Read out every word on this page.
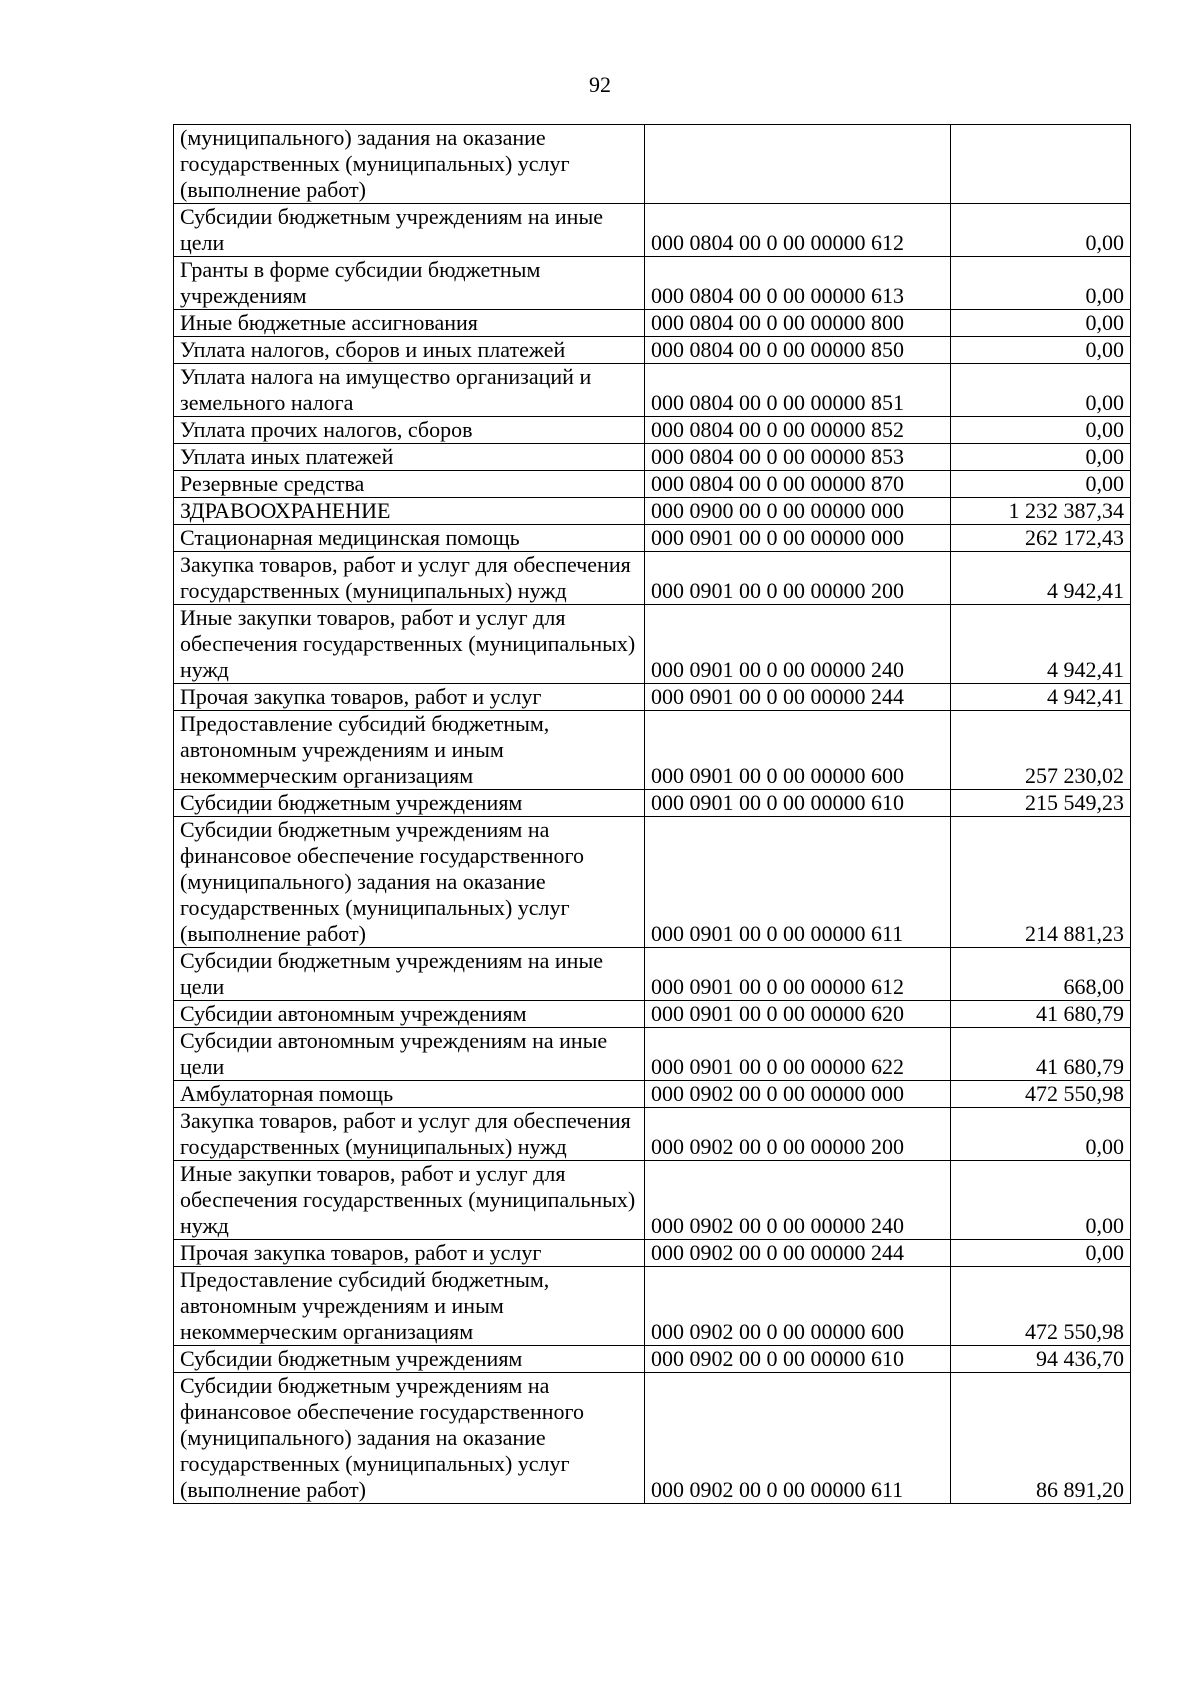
92
(муниципального) задания на оказание государственных (муниципальных) услуг (выполнение работ)		
Субсидии бюджетным учреждениям на иные цели	000 0804 00 0 00 00000 612	0,00
Гранты в форме субсидии бюджетным учреждениям	000 0804 00 0 00 00000 613	0,00
Иные бюджетные ассигнования	000 0804 00 0 00 00000 800	0,00
Уплата налогов, сборов и иных платежей	000 0804 00 0 00 00000 850	0,00
Уплата налога на имущество организаций и земельного налога	000 0804 00 0 00 00000 851	0,00
Уплата прочих налогов, сборов	000 0804 00 0 00 00000 852	0,00
Уплата иных платежей	000 0804 00 0 00 00000 853	0,00
Резервные средства	000 0804 00 0 00 00000 870	0,00
ЗДРАВООХРАНЕНИЕ	000 0900 00 0 00 00000 000	1 232 387,34
Стационарная медицинская помощь	000 0901 00 0 00 00000 000	262 172,43
Закупка товаров, работ и услуг для обеспечения государственных (муниципальных) нужд	000 0901 00 0 00 00000 200	4 942,41
Иные закупки товаров, работ и услуг для обеспечения государственных (муниципальных) нужд	000 0901 00 0 00 00000 240	4 942,41
Прочая закупка товаров, работ и услуг	000 0901 00 0 00 00000 244	4 942,41
Предоставление субсидий бюджетным, автономным учреждениям и иным некоммерческим организациям	000 0901 00 0 00 00000 600	257 230,02
Субсидии бюджетным учреждениям	000 0901 00 0 00 00000 610	215 549,23
Субсидии бюджетным учреждениям на финансовое обеспечение государственного (муниципального) задания на оказание государственных (муниципальных) услуг (выполнение работ)	000 0901 00 0 00 00000 611	214 881,23
Субсидии бюджетным учреждениям на иные цели	000 0901 00 0 00 00000 612	668,00
Субсидии автономным учреждениям	000 0901 00 0 00 00000 620	41 680,79
Субсидии автономным учреждениям на иные цели	000 0901 00 0 00 00000 622	41 680,79
Амбулаторная помощь	000 0902 00 0 00 00000 000	472 550,98
Закупка товаров, работ и услуг для обеспечения государственных (муниципальных) нужд	000 0902 00 0 00 00000 200	0,00
Иные закупки товаров, работ и услуг для обеспечения государственных (муниципальных) нужд	000 0902 00 0 00 00000 240	0,00
Прочая закупка товаров, работ и услуг	000 0902 00 0 00 00000 244	0,00
Предоставление субсидий бюджетным, автономным учреждениям и иным некоммерческим организациям	000 0902 00 0 00 00000 600	472 550,98
Субсидии бюджетным учреждениям	000 0902 00 0 00 00000 610	94 436,70
Субсидии бюджетным учреждениям на финансовое обеспечение государственного (муниципального) задания на оказание государственных (муниципальных) услуг (выполнение работ)	000 0902 00 0 00 00000 611	86 891,20
